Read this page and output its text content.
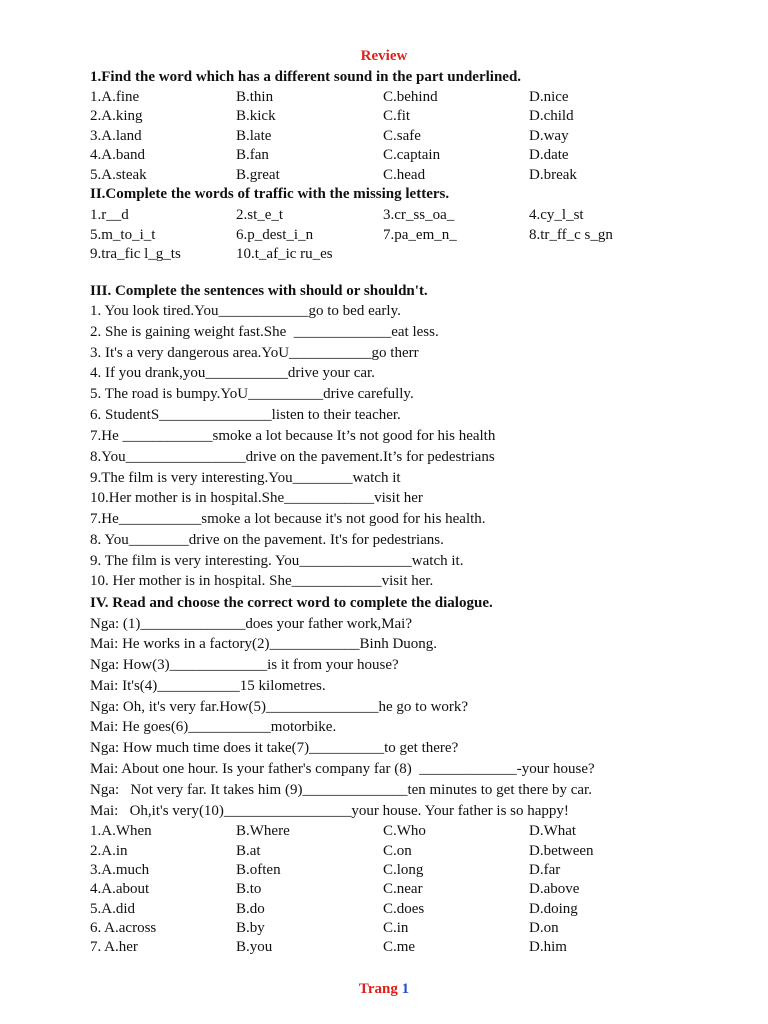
Review
1.Find the word which has a different sound in the part underlined.
1.A.fine	B.thin	C.behind	D.nice
2.A.king	B.kick	C.fit	D.child
3.A.land	B.late	C.safe	D.way
4.A.band	B.fan	C.captain	D.date
5.A.steak	B.great	C.head	D.break
II.Complete the words of traffic with the missing letters.
1.r__d	2.st_e_t	3.cr_ss_oa_	4.cy_l_st
5.m_to_i_t	6.p_dest_i_n	7.pa_em_n_	8.tr_ff_c s_gn
9.tra_fic l_g_ts	10.t_af_ic ru_es
III. Complete the sentences with should or shouldn't.
1. You look tired.You____________go to bed early.
2. She is gaining weight fast.She  _____________eat less.
3. It's a very dangerous area.YoU___________go therr
4. If you drank,you___________drive your car.
5. The road is bumpy.YoU__________drive carefully.
6. StudentS_______________listen to their teacher.
7.He ____________smoke a lot because It’s not good for his health
8.You________________drive on the pavement.It’s for pedestrians
9.The film is very interesting.You________watch it
10.Her mother is in hospital.She____________visit her
7.He___________smoke a lot because it's not good for his health.
8. You________drive on the pavement. It's for pedestrians.
9. The film is very interesting. You_______________watch it.
10. Her mother is in hospital. She____________visit her.
IV. Read and choose the correct word to complete the dialogue.
Nga: (1)______________does your father work,Mai?
Mai: He works in a factory(2)____________Binh Duong.
Nga: How(3)_____________is it from your house?
Mai: It's(4)___________15 kilometres.
Nga: Oh, it's very far.How(5)_______________he go to work?
Mai: He goes(6)___________motorbike.
Nga: How much time does it take(7)__________to get there?
Mai: About one hour. Is your father's company far (8)  _____________-your house?
Nga:   Not very far. It takes him (9)______________ten minutes to get there by car.
Mai:   Oh,it's very(10)_________________your house. Your father is so happy!
1.A.When	B.Where	C.Who	D.What
2.A.in	B.at	C.on	D.between
3.A.much	B.often	C.long	D.far
4.A.about	B.to	C.near	D.above
5.A.did	B.do	C.does	D.doing
6. A.across	B.by	C.in	D.on
7. A.her	B.you	C.me	D.him
Trang 1
